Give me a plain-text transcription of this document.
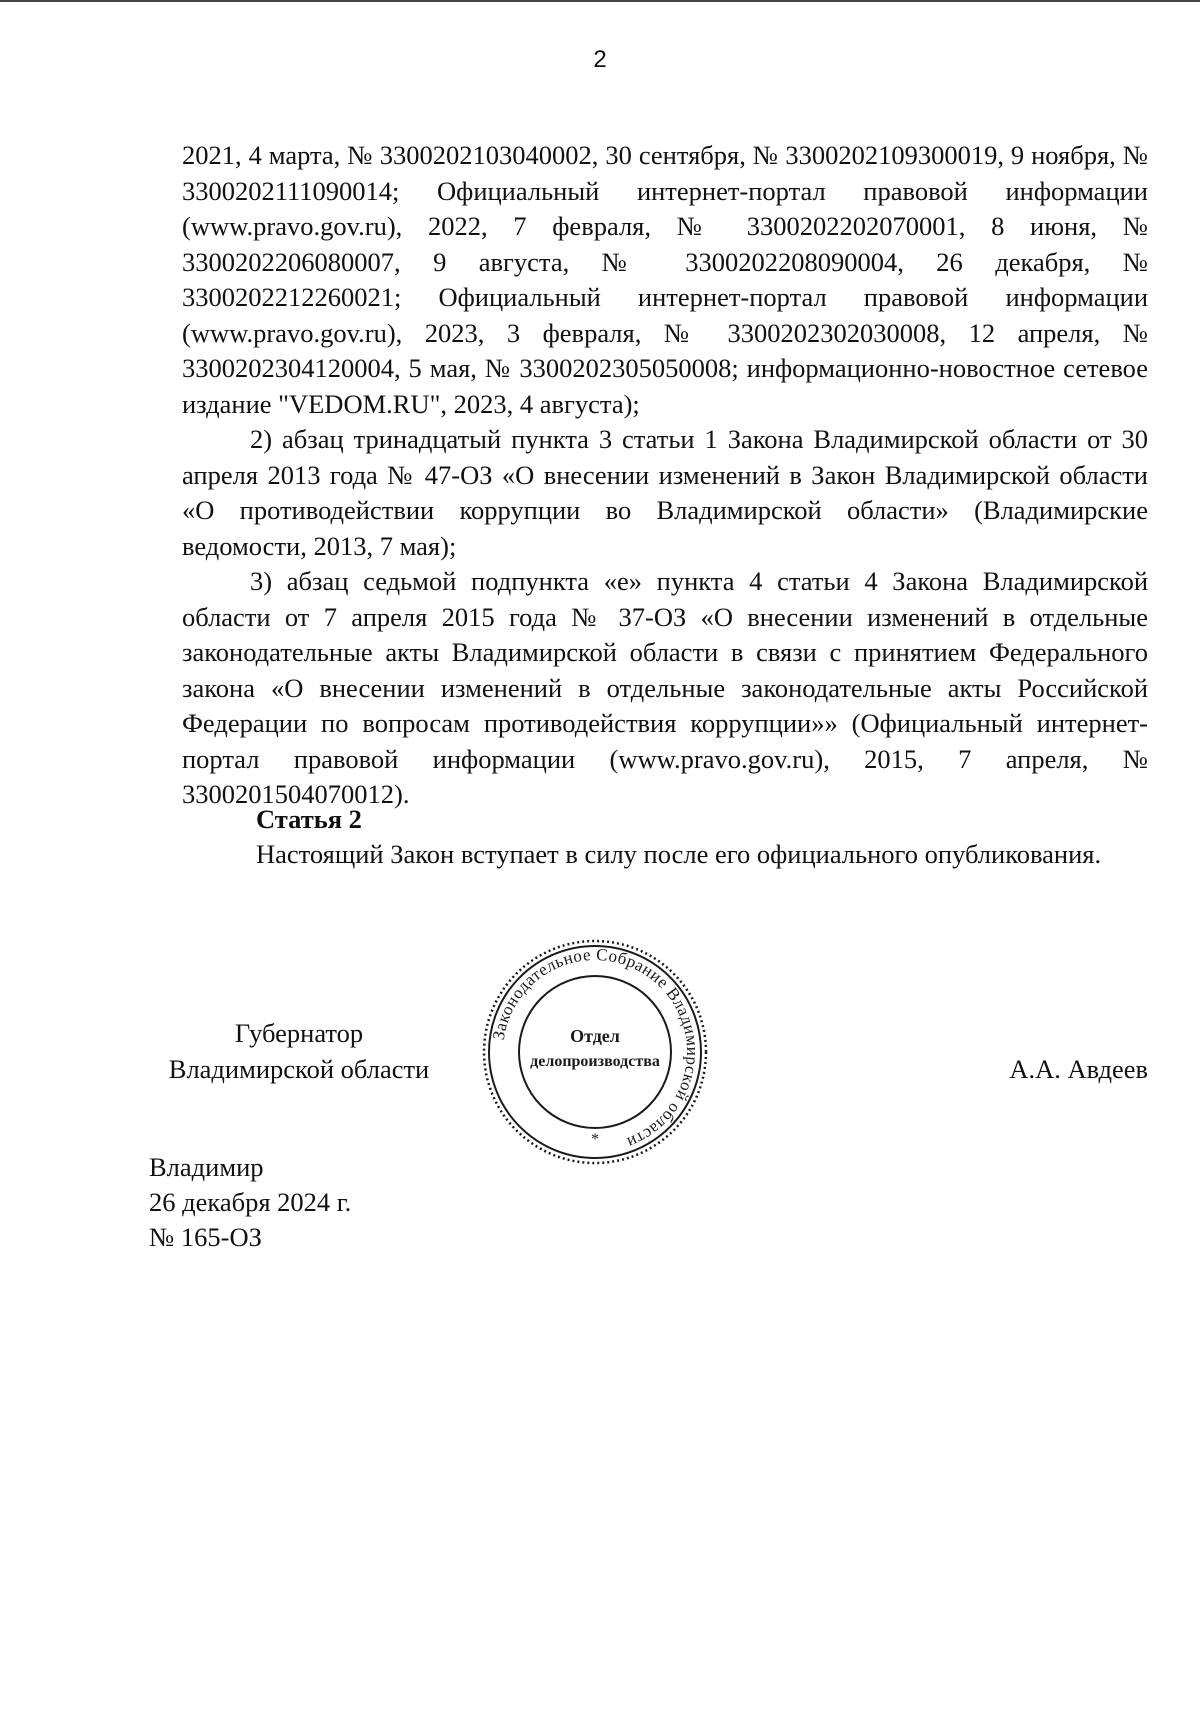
2

2021, 4 марта, № 3300202103040002, 30 сентября, № 3300202109300019, 9 ноября, № 3300202111090014; Официальный интернет-портал правовой информации (www.pravo.gov.ru), 2022, 7 февраля, № 3300202202070001, 8 июня, № 3300202206080007, 9 августа, № 3300202208090004, 26 декабря, № 3300202212260021; Официальный интернет-портал правовой информации (www.pravo.gov.ru), 2023, 3 февраля, № 3300202302030008, 12 апреля, № 3300202304120004, 5 мая, № 3300202305050008; информационно-новостное сетевое издание "VEDOM.RU", 2023, 4 августа);

2) абзац тринадцатый пункта 3 статьи 1 Закона Владимирской области от 30 апреля 2013 года № 47-ОЗ «О внесении изменений в Закон Владимирской области «О противодействии коррупции во Владимирской области» (Владимирские ведомости, 2013, 7 мая);

3) абзац седьмой подпункта «е» пункта 4 статьи 4 Закона Владимирской области от 7 апреля 2015 года № 37-ОЗ «О внесении изменений в отдельные законодательные акты Владимирской области в связи с принятием Федерального закона «О внесении изменений в отдельные законодательные акты Российской Федерации по вопросам противодействия коррупции»» (Официальный интернет-портал правовой информации (www.pravo.gov.ru), 2015, 7 апреля, № 3300201504070012).

Статья 2

Настоящий Закон вступает в силу после его официального опубликования.

Губернатор
Владимирской области
Законодательное Собрание Владимирской области
Отдел
делопроизводства
*
А.А. Авдеев
Владимир
26 декабря 2024 г.
№ 165-ОЗ
